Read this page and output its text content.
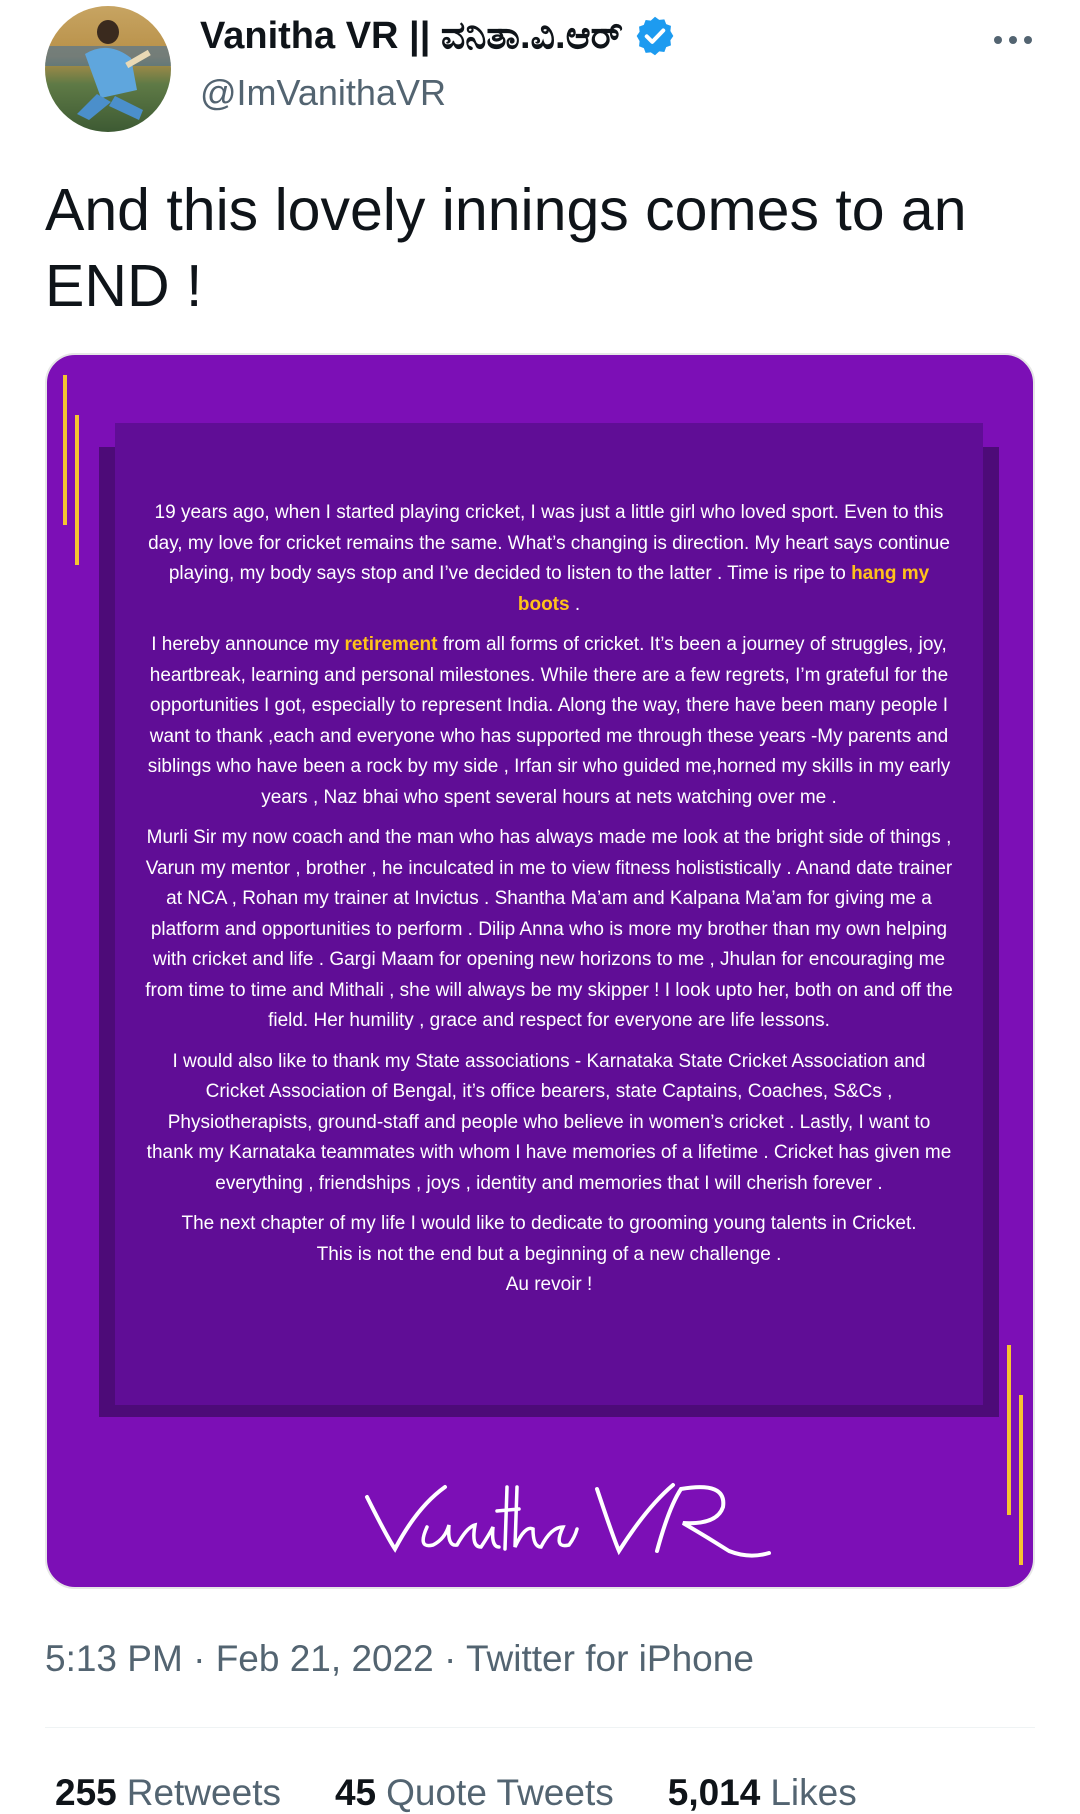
Vanitha VR || ವನಿತಾ.ವಿ.ಆರ್
@ImVanithaVR
And this lovely innings comes to an END !

19 years ago, when I started playing cricket, I was just a little girl who loved sport. Even to this day, my love for cricket remains the same. What’s changing is direction. My heart says continue playing, my body says stop and I’ve decided to listen to the latter . Time is ripe to hang my boots .

I hereby announce my retirement from all forms of cricket. It’s been a journey of struggles, joy, heartbreak, learning and personal milestones. While there are a few regrets, I’m grateful for the opportunities I got, especially to represent India. Along the way, there have been many people I want to thank ,each and everyone who has supported me through these years -My parents and siblings who have been a rock by my side , Irfan sir who guided me,horned my skills in my early years , Naz bhai who spent several hours at nets watching over me .

Murli Sir my now coach and the man who has always made me look at the bright side of things , Varun my mentor , brother , he inculcated in me to view fitness holististically . Anand date trainer at NCA , Rohan my trainer at Invictus . Shantha Ma’am and Kalpana Ma’am for giving me a platform and opportunities to perform . Dilip Anna who is more my brother than my own helping with cricket and life . Gargi Maam for opening new horizons to me , Jhulan for encouraging me from time to time and Mithali , she will always be my skipper ! I look upto her, both on and off the field. Her humility , grace and respect for everyone are life lessons.

I would also like to thank my State associations - Karnataka State Cricket Association and Cricket Association of Bengal, it’s office bearers, state Captains, Coaches, S&Cs , Physiotherapists, ground-staff and people who believe in women’s cricket . Lastly, I want to thank my Karnataka teammates with whom I have memories of a lifetime . Cricket has given me everything , friendships , joys , identity and memories that I will cherish forever .

The next chapter of my life I would like to dedicate to grooming young talents in Cricket.

This is not the end but a beginning of a new challenge .

Au revoir !

5:13 PM · Feb 21, 2022 · Twitter for iPhone
255 Retweets 45 Quote Tweets 5,014 Likes
